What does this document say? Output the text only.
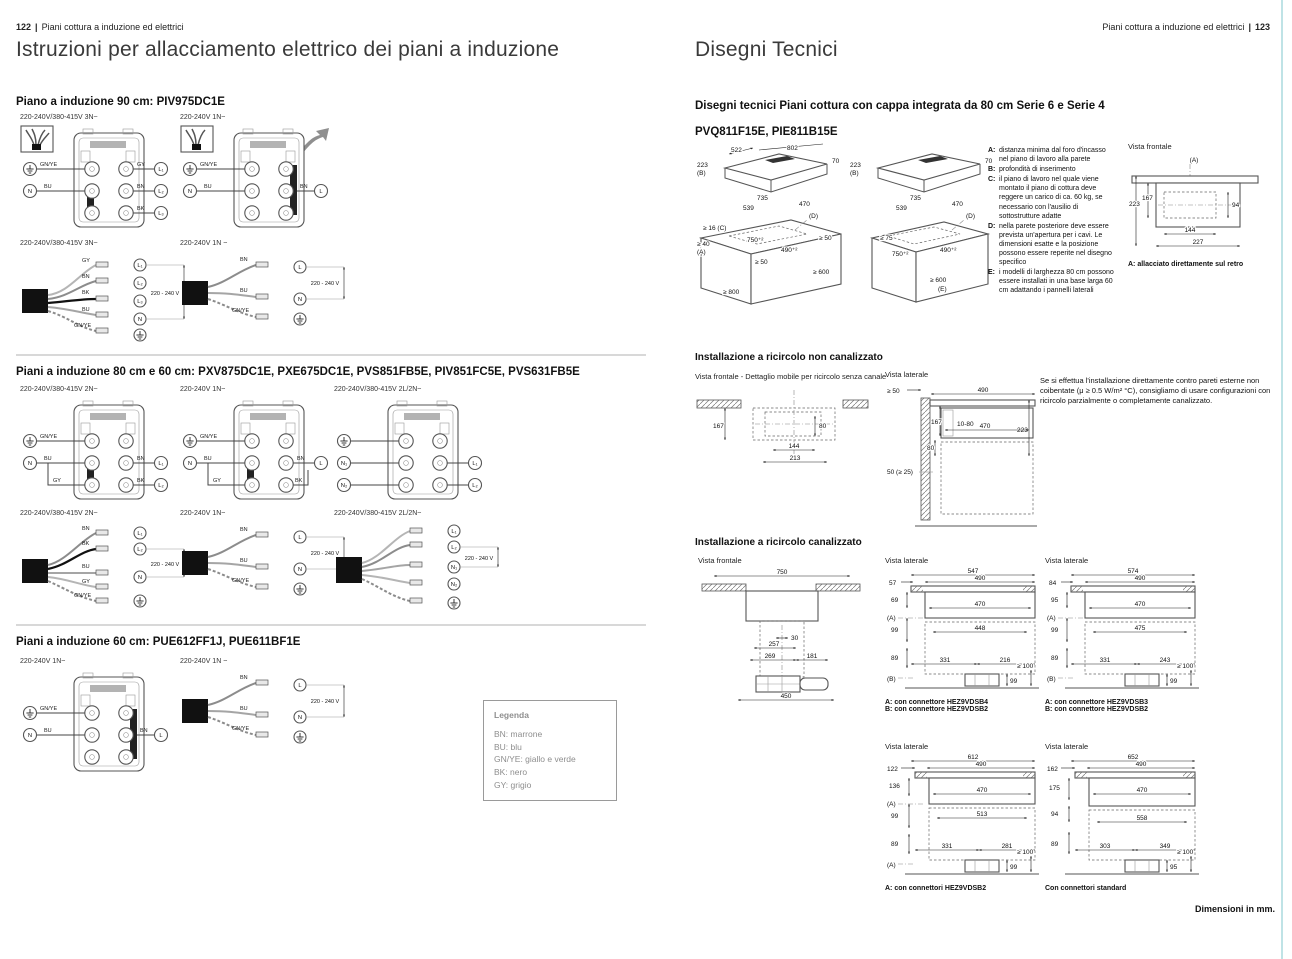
122 | Piani cottura a induzione ed elettrici
Istruzioni per allacciamento elettrico dei piani a induzione
Piano a induzione 90 cm: PIV975DC1E
220-240V/380-415V 3N~
N
GN/YE
BU
GY
BN
BK
L₁
L₂
L₃
220-240V 1N~
N
GN/YE
BU	BN
L
220-240V/380-415V 3N~
GY
BN
BK
BU
GN/YE
L₁
L₂
L₃
N
220 - 240 V
220-240V 1N ~
BN
BU
GN/YE
L
N
220 - 240 V
Piani a induzione 80 cm e 60 cm: PXV875DC1E, PXE675DC1E, PVS851FB5E, PIV851FC5E, PVS631FB5E
220-240V/380-415V 2N~
N
GN/YE
BU
GY
BN
BK
L₁
L₂
220-240V 1N~
N
GN/YE
BU
GY
BN
BK
L
220-240V/380-415V 2L/2N~
N₁
N₂
L₁
L₂
220-240V/380-415V 2N~
BN
BK
BU
GY
GN/YE
L₁
L₂
N
220 - 240 V
220-240V 1N~
BN
BU
GN/YE
L
N
220 - 240 V
220-240V/380-415V 2L/2N~
L₁
L₂
N₁
N₂
220 - 240 V
Piani a induzione 60 cm: PUE612FF1J, PUE611BF1E
220-240V 1N~
N
GN/YE
BU	BN
L
220-240V 1N ~
BN
BU
GN/YE
L
N
220 - 240 V
Legenda
BN: marrone
BU: blu
GN/YE: giallo e verde
BK: nero
GY: grigio
Piani cottura a induzione ed elettrici | 123
Disegni Tecnici
Disegni tecnici Piani cottura con cappa integrata da 80 cm Serie 6 e Serie 4
PVQ811F15E, PIE811B15E
522	802
70
223
(B)
735
539
470
≥ 16 (C)
≥ 40
(A)
(D)
750⁺²	≥ 50
490⁺²
≥ 50
≥ 600
≥ 800
223
(B)
70
735
539
470
(D)
≥ 75
750⁺²
490⁺²
≥ 600
(E)
A: distanza minima dal foro d'incasso nel piano di lavoro alla parete
B: profondità di inserimento
C: il piano di lavoro nel quale viene montato il piano di cottura deve reggere un carico di ca. 60 kg, se necessario con l'ausilio di sottostrutture adatte
D: nella parete posteriore deve essere prevista un'apertura per i cavi. Le dimensioni esatte e la posizione possono essere reperite nel disegno specifico
E: i modelli di larghezza 80 cm possono essere installati in una base larga 60 cm adattando i pannelli laterali
Vista frontale
(A)
223
167
94
144
227
A: allacciato direttamente sul retro
Installazione a ricircolo non canalizzato
Vista frontale - Dettaglio mobile per ricircolo senza canale
167	80
144
213
Vista laterale
≥ 50	490
167 10-80
223
80
50 (≥ 25)
470
Se si effettua l'installazione direttamente contro pareti esterne non coibentate (μ ≥ 0.5 W/m² °C), consigliamo di usare configurazioni con ricircolo parzialmente o completamente canalizzato.
Installazione a ricircolo canalizzato
Vista frontale
750
30
257
269	181
450
Vista laterale
547
57
490
69
(A)
470
99	448
89	331	216
(B)	99
≥ 100
A: con connettore HEZ9VDSB4
B: con connettore HEZ9VDSB2
Vista laterale
574
84
490
95
(A)
470
99	475
89	331	243
(B)	99
≥ 100
A: con connettore HEZ9VDSB3
B: con connettore HEZ9VDSB2
Vista laterale
612
122
490
136
470
(A)
99	513
89	331	281
(A)	99
≥ 100
A: con connettori HEZ9VDSB2
Vista laterale
652
162
490
175	470
94
558
89	303	349
95
≥ 100
Con connettori standard
Dimensioni in mm.
